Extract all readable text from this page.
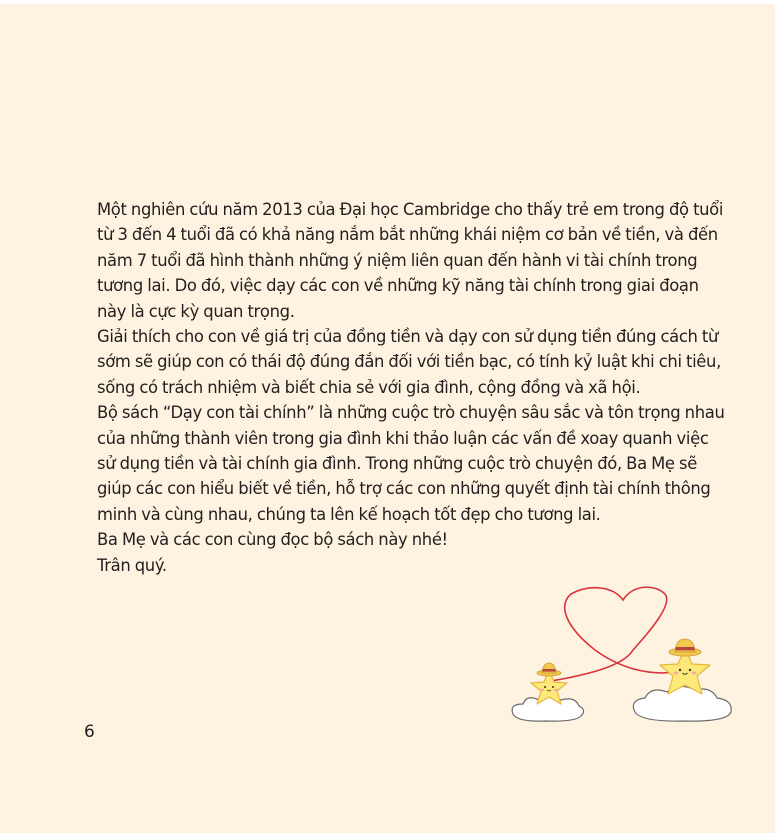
Một nghiên cứu năm 2013 của Đại học Cambridge cho thấy trẻ em trong độ tuổi từ 3 đến 4 tuổi đã có khả năng nắm bắt những khái niệm cơ bản về tiền, và đến năm 7 tuổi đã hình thành những ý niệm liên quan đến hành vi tài chính trong tương lai. Do đó, việc dạy các con về những kỹ năng tài chính trong giai đoạn này là cực kỳ quan trọng.

Giải thích cho con về giá trị của đồng tiền và dạy con sử dụng tiền đúng cách từ sớm sẽ giúp con có thái độ đúng đắn đối với tiền bạc, có tính kỷ luật khi chi tiêu, sống có trách nhiệm và biết chia sẻ với gia đình, cộng đồng và xã hội.

Bộ sách “Dạy con tài chính” là những cuộc trò chuyện sâu sắc và tôn trọng nhau của những thành viên trong gia đình khi thảo luận các vấn đề xoay quanh việc sử dụng tiền và tài chính gia đình. Trong những cuộc trò chuyện đó, Ba Mẹ sẽ giúp các con hiểu biết về tiền, hỗ trợ các con những quyết định tài chính thông minh và cùng nhau, chúng ta lên kế hoạch tốt đẹp cho tương lai.

Ba Mẹ và các con cùng đọc bộ sách này nhé!

Trân quý.

6
